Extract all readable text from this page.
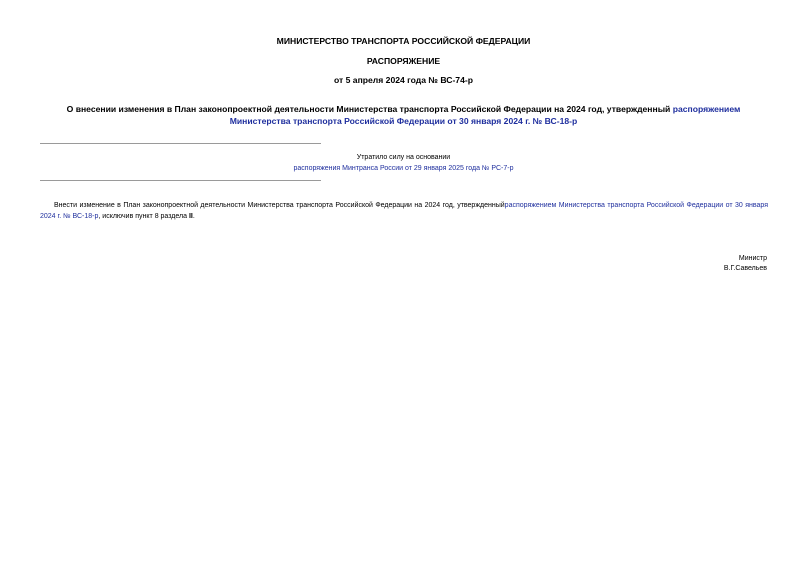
МИНИСТЕРСТВО ТРАНСПОРТА РОССИЙСКОЙ ФЕДЕРАЦИИ
РАСПОРЯЖЕНИЕ
от 5 апреля 2024 года № ВС-74-р
О внесении изменения в План законопроектной деятельности Министерства транспорта Российской Федерации на 2024 год, утвержденный распоряжением Министерства транспорта Российской Федерации от 30 января 2024 г. № ВС-18-р
Утратило силу на основании
распоряжения Минтранса России от 29 января 2025 года № РС-7-р
Внести изменение в План законопроектной деятельности Министерства транспорта Российской Федерации на 2024 год, утвержденныйраспоряжением Министерства транспорта Российской Федерации от 30 января 2024 г. № ВС-18-р, исключив пункт 8 раздела II.
Министр
В.Г.Савельев
